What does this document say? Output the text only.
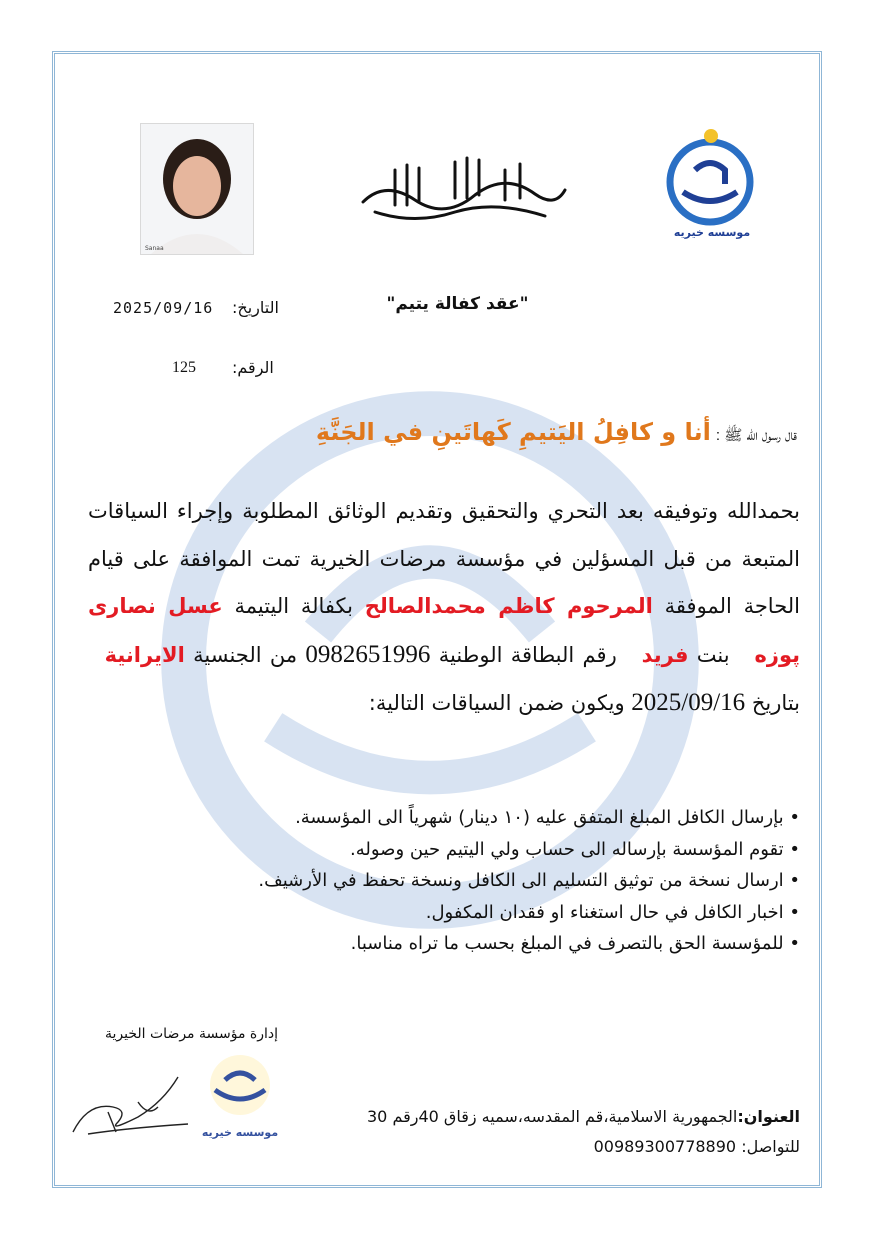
Sanaa
موسسه خیریه
"عقد كفالة يتيم"
التاريخ:
2025/09/16
الرقم:
125
قال رسول الله ﷺ : أنا و كافِلُ اليَتيمِ كَهاتَينِ في الجَنَّةِ
بحمدالله وتوفيقه بعد التحري والتحقيق وتقديم الوثائق المطلوبة وإجراء السياقات المتبعة من قبل المسؤلين في مؤسسة مرضات الخيرية تمت الموافقة على قيام الحاجة الموفقة المرحوم كاظم محمدالصالح بكفالة اليتيمة عسل نصارى پوزه   بنت فريد   رقم البطاقة الوطنية 0982651996 من الجنسية الايرانية   بتاريخ 2025/09/16 ويكون ضمن السياقات التالية:
• بإرسال الكافل المبلغ المتفق عليه (١٠ دينار) شهرياً الى المؤسسة.
• تقوم المؤسسة بإرساله الى حساب ولي اليتيم حين وصوله.
• ارسال نسخة من توثيق التسليم الى الكافل ونسخة تحفظ في الأرشيف.
• اخبار الكافل في حال استغناء او فقدان المكفول.
• للمؤسسة الحق بالتصرف في المبلغ بحسب ما تراه مناسبا.
إدارة مؤسسة مرضات الخيرية
موسسه خيريه
العنوان:الجمهورية الاسلامية،قم المقدسه،سميه زقاق 40رقم 30
للتواصل: 00989300778890
